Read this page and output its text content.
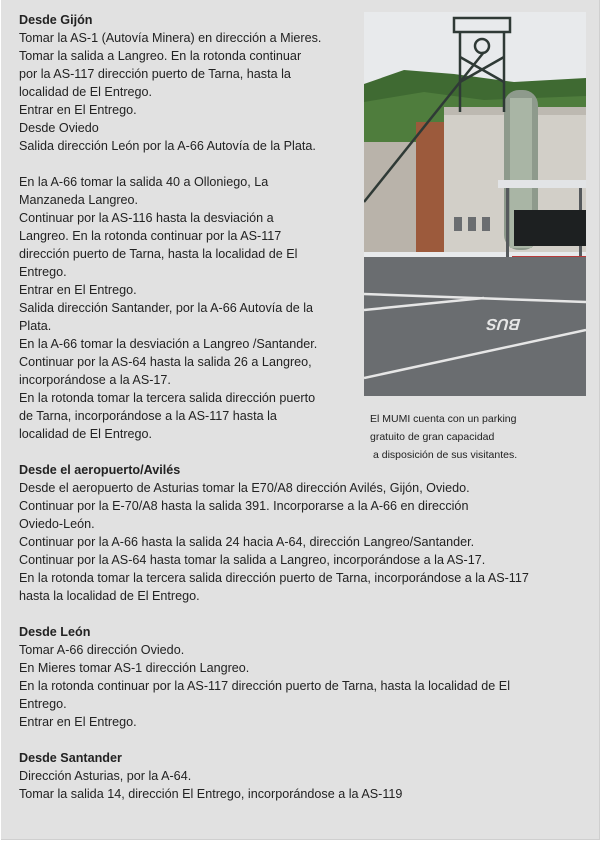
Desde Gijón

Tomar la AS-1 (Autovía Minera) en dirección a Mieres.

Tomar la salida a Langreo. En la rotonda continuar

por la AS-117 dirección puerto de Tarna, hasta la

localidad de El Entrego.

Entrar en El Entrego.

Desde Oviedo

Salida dirección León por la A-66 Autovía de la Plata.

En la A-66 tomar la salida 40 a Olloniego, La

Manzaneda Langreo.

Continuar por la AS-116 hasta la desviación a

Langreo. En la rotonda continuar por la AS-117

dirección puerto de Tarna, hasta la localidad de El

Entrego.

Entrar en El Entrego.

Salida dirección Santander, por la A-66 Autovía de la

Plata.

En la A-66 tomar la desviación a Langreo /Santander.

Continuar por la AS-64 hasta la salida 26 a Langreo,

incorporándose a la AS-17.

En la rotonda tomar la tercera salida dirección puerto

de Tarna, incorporándose a la AS-117 hasta la

localidad de El Entrego.

BUS

El MUMI cuenta con un parking

gratuito de gran capacidad

a disposición de sus visitantes.

Desde el aeropuerto/Avilés

Desde el aeropuerto de Asturias tomar la E70/A8 dirección Avilés, Gijón, Oviedo.

Continuar por la E-70/A8 hasta la salida 391. Incorporarse a la A-66 en dirección

Oviedo-León.

Continuar por la A-66 hasta la salida 24 hacia A-64, dirección Langreo/Santander.

Continuar por la AS-64 hasta tomar la salida a Langreo, incorporándose a la AS-17.

En la rotonda tomar la tercera salida dirección puerto de Tarna, incorporándose a la AS-117

hasta la localidad de El Entrego.

Desde León

Tomar A-66 dirección Oviedo.

En Mieres tomar AS-1 dirección Langreo.

En la rotonda continuar por la AS-117 dirección puerto de Tarna, hasta la localidad de El

Entrego.

Entrar en El Entrego.

Desde Santander

Dirección Asturias, por la A-64.

Tomar la salida 14, dirección El Entrego, incorporándose a la AS-119
